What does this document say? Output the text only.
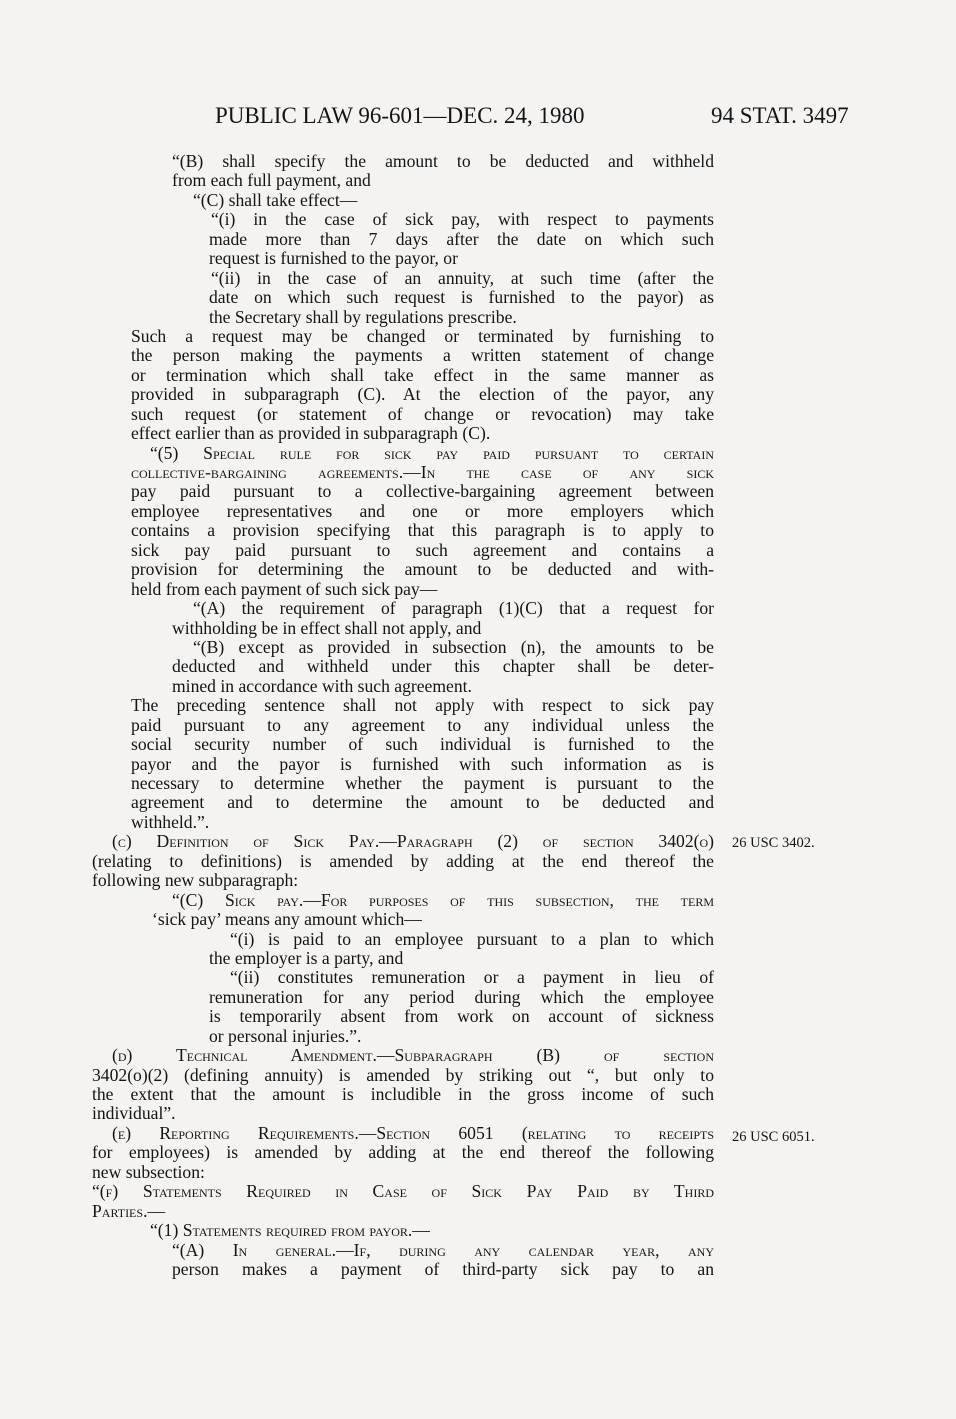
PUBLIC LAW 96-601—DEC. 24, 1980	94 STAT. 3497
“(B) shall specify the amount to be deducted and withheld
from each full payment, and
“(C) shall take effect—
“(i) in the case of sick pay, with respect to payments
made more than 7 days after the date on which such
request is furnished to the payor, or
“(ii) in the case of an annuity, at such time (after the
date on which such request is furnished to the payor) as
the Secretary shall by regulations prescribe.
Such a request may be changed or terminated by furnishing to
the person making the payments a written statement of change
or termination which shall take effect in the same manner as
provided in subparagraph (C). At the election of the payor, any
such request (or statement of change or revocation) may take
effect earlier than as provided in subparagraph (C).
“(5) Special rule for sick pay paid pursuant to certain
collective-bargaining agreements.—In the case of any sick
pay paid pursuant to a collective-bargaining agreement between
employee representatives and one or more employers which
contains a provision specifying that this paragraph is to apply to
sick pay paid pursuant to such agreement and contains a
provision for determining the amount to be deducted and with-
held from each payment of such sick pay—
“(A) the requirement of paragraph (1)(C) that a request for
withholding be in effect shall not apply, and
“(B) except as provided in subsection (n), the amounts to be
deducted and withheld under this chapter shall be deter-
mined in accordance with such agreement.
The preceding sentence shall not apply with respect to sick pay
paid pursuant to any agreement to any individual unless the
social security number of such individual is furnished to the
payor and the payor is furnished with such information as is
necessary to determine whether the payment is pursuant to the
agreement and to determine the amount to be deducted and
withheld.”.
(c) Definition of Sick Pay.—Paragraph (2) of section 3402(o)
(relating to definitions) is amended by adding at the end thereof the
following new subparagraph:
“(C) Sick pay.—For purposes of this subsection, the term
‘sick pay’ means any amount which—
“(i) is paid to an employee pursuant to a plan to which
the employer is a party, and
“(ii) constitutes remuneration or a payment in lieu of
remuneration for any period during which the employee
is temporarily absent from work on account of sickness
or personal injuries.”.
(d) Technical Amendment.—Subparagraph (B) of section
3402(o)(2) (defining annuity) is amended by striking out “, but only to
the extent that the amount is includible in the gross income of such
individual”.
(e) Reporting Requirements.—Section 6051 (relating to receipts
for employees) is amended by adding at the end thereof the following
new subsection:
“(f) Statements Required in Case of Sick Pay Paid by Third
Parties.—
“(1) Statements required from payor.—
“(A) In general.—If, during any calendar year, any
person makes a payment of third-party sick pay to an
26 USC 3402.
26 USC 6051.
